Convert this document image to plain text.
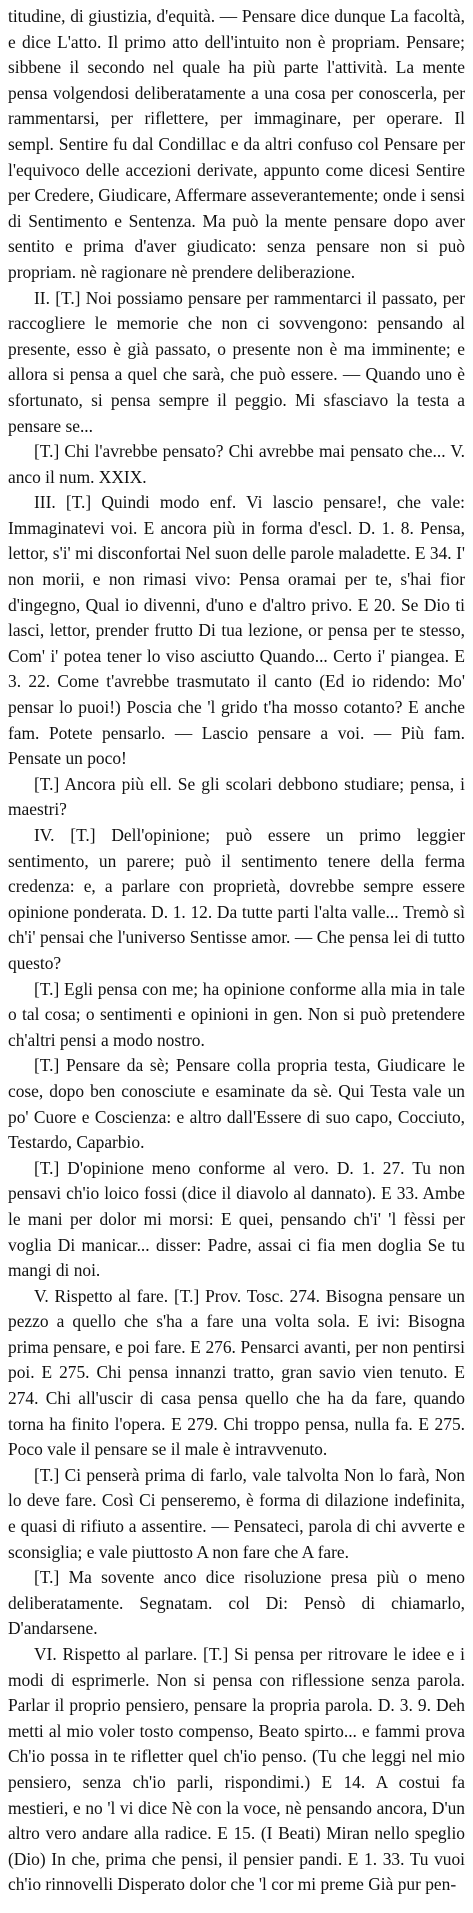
titudine, di giustizia, d'equità. — Pensare dice dunque La facoltà, e dice L'atto. Il primo atto dell'intuito non è propriam. Pensare; sibbene il secondo nel quale ha più parte l'attività. La mente pensa volgendosi deliberatamente a una cosa per conoscerla, per rammentarsi, per riflettere, per immaginare, per operare. Il sempl. Sentire fu dal Condillac e da altri confuso col Pensare per l'equivoco delle accezioni derivate, appunto come dicesi Sentire per Credere, Giudicare, Affermare asseverantemente; onde i sensi di Sentimento e Sentenza. Ma può la mente pensare dopo aver sentito e prima d'aver giudicato: senza pensare non si può propriam. nè ragionare nè prendere deliberazione.

II. [T.] Noi possiamo pensare per rammentarci il passato, per raccogliere le memorie che non ci sovvengono: pensando al presente, esso è già passato, o presente non è ma imminente; e allora si pensa a quel che sarà, che può essere. — Quando uno è sfortunato, si pensa sempre il peggio. Mi sfasciavo la testa a pensare se...

[T.] Chi l'avrebbe pensato? Chi avrebbe mai pensato che... V. anco il num. XXIX.

III. [T.] Quindi modo enf. Vi lascio pensare!, che vale: Immaginatevi voi. E ancora più in forma d'escl. D. 1. 8. Pensa, lettor, s'i' mi disconfortai Nel suon delle parole maladette. E 34. I' non morii, e non rimasi vivo: Pensa oramai per te, s'hai fior d'ingegno, Qual io divenni, d'uno e d'altro privo. E 20. Se Dio ti lasci, lettor, prender frutto Di tua lezione, or pensa per te stesso, Com' i' potea tener lo viso asciutto Quando... Certo i' piangea. E 3. 22. Come t'avrebbe trasmutato il canto (Ed io ridendo: Mo' pensar lo puoi!) Poscia che 'l grido t'ha mosso cotanto? E anche fam. Potete pensarlo. — Lascio pensare a voi. — Più fam. Pensate un poco!

[T.] Ancora più ell. Se gli scolari debbono studiare; pensa, i maestri?

IV. [T.] Dell'opinione; può essere un primo leggier sentimento, un parere; può il sentimento tenere della ferma credenza: e, a parlare con proprietà, dovrebbe sempre essere opinione ponderata. D. 1. 12. Da tutte parti l'alta valle... Tremò sì ch'i' pensai che l'universo Sentisse amor. — Che pensa lei di tutto questo?

[T.] Egli pensa con me; ha opinione conforme alla mia in tale o tal cosa; o sentimenti e opinioni in gen. Non si può pretendere ch'altri pensi a modo nostro.

[T.] Pensare da sè; Pensare colla propria testa, Giudicare le cose, dopo ben conosciute e esaminate da sè. Qui Testa vale un po' Cuore e Coscienza: e altro dall'Essere di suo capo, Cocciuto, Testardo, Caparbio.

[T.] D'opinione meno conforme al vero. D. 1. 27. Tu non pensavi ch'io loico fossi (dice il diavolo al dannato). E 33. Ambe le mani per dolor mi morsi: E quei, pensando ch'i' 'l fèssi per voglia Di manicar... disser: Padre, assai ci fia men doglia Se tu mangi di noi.

V. Rispetto al fare. [T.] Prov. Tosc. 274. Bisogna pensare un pezzo a quello che s'ha a fare una volta sola. E ivi: Bisogna prima pensare, e poi fare. E 276. Pensarci avanti, per non pentirsi poi. E 275. Chi pensa innanzi tratto, gran savio vien tenuto. E 274. Chi all'uscir di casa pensa quello che ha da fare, quando torna ha finito l'opera. E 279. Chi troppo pensa, nulla fa. E 275. Poco vale il pensare se il male è intravvenuto.

[T.] Ci penserà prima di farlo, vale talvolta Non lo farà, Non lo deve fare. Così Ci penseremo, è forma di dilazione indefinita, e quasi di rifiuto a assentire. — Pensateci, parola di chi avverte e sconsiglia; e vale piuttosto A non fare che A fare.

[T.] Ma sovente anco dice risoluzione presa più o meno deliberatamente. Segnatam. col Di: Pensò di chiamarlo, D'andarsene.

VI. Rispetto al parlare. [T.] Si pensa per ritrovare le idee e i modi di esprimerle. Non si pensa con riflessione senza parola. Parlar il proprio pensiero, pensare la propria parola. D. 3. 9. Deh metti al mio voler tosto compenso, Beato spirto... e fammi prova Ch'io possa in te rifletter quel ch'io penso. (Tu che leggi nel mio pensiero, senza ch'io parli, rispondimi.) E 14. A costui fa mestieri, e no 'l vi dice Nè con la voce, nè pensando ancora, D'un altro vero andare alla radice. E 15. (I Beati) Miran nello speglio (Dio) In che, prima che pensi, il pensier pandi. E 1. 33. Tu vuoi ch'io rinnovelli Disperato dolor che 'l cor mi preme Già pur pen-
